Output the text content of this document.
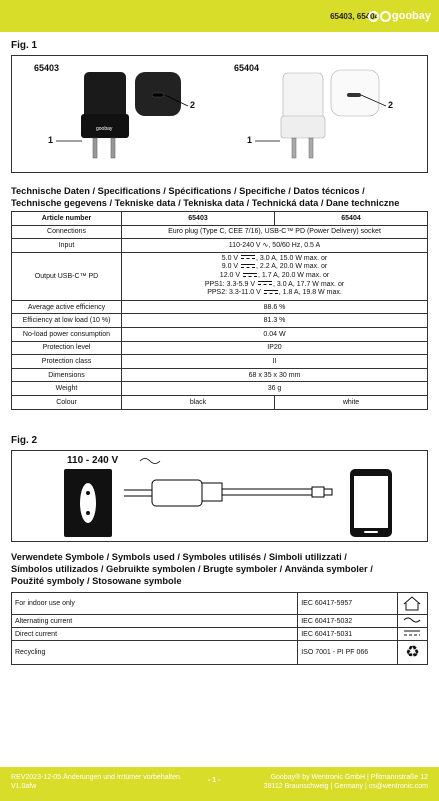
65403, 65404 goobay
Fig. 1
65403	65404
goobay
1
2
1
2
Technische Daten / Specifications / Spécifications / Specifiche / Datos técnicos /
Technische gegevens / Tekniske data / Tekniska data / Technická data / Dane techniczne
Article number	65403	65404
Connections	Euro plug (Type C, CEE 7/16), USB-C™ PD (Power Delivery) socket	
Input	110-240 V ∿, 50/60 Hz, 0.5 A	
Output USB-C™ PD	5.0 V , 3.0 A, 15.0 W max. or
9.0 V , 2.2 A, 20.0 W max. or
12.0 V , 1.7 A, 20.0 W max. or
PPS1: 3.3-5.9 V , 3.0 A, 17.7 W max. or
PPS2: 3.3-11.0 V , 1.8 A, 19.8 W max.	

Average active efficiency	88.6 %	
Efficiency at low load (10 %)	81.3 %	
No-load power consumption	0.04 W	
Protection level	IP20	
Protection class	II	
Dimensions	68 x 35 x 30 mm	
Weight	36 g	
Colour	black	white
Fig. 2
110 - 240 V
Verwendete Symbole / Symbols used / Symboles utilisés / Simboli utilizzati /
Símbolos utilizados / Gebruikte symbolen / Brugte symboler / Använda symboler /
Použité symboly / Stosowane symbole
For indoor use only	IEC 60417-5957	
Alternating current	IEC 60417-5032	
Direct current	IEC 60417-5031	
Recycling	ISO 7001 - PI PF 066	♻
REV2023-12-05 Änderungen und Irrtümer vorbehalten.
V1.0afw
- 1 -	Goobay® by Wentronic GmbH | Pfitmannstraße 12
38112 Braunschweig | Germany | cs@wentronic.com
